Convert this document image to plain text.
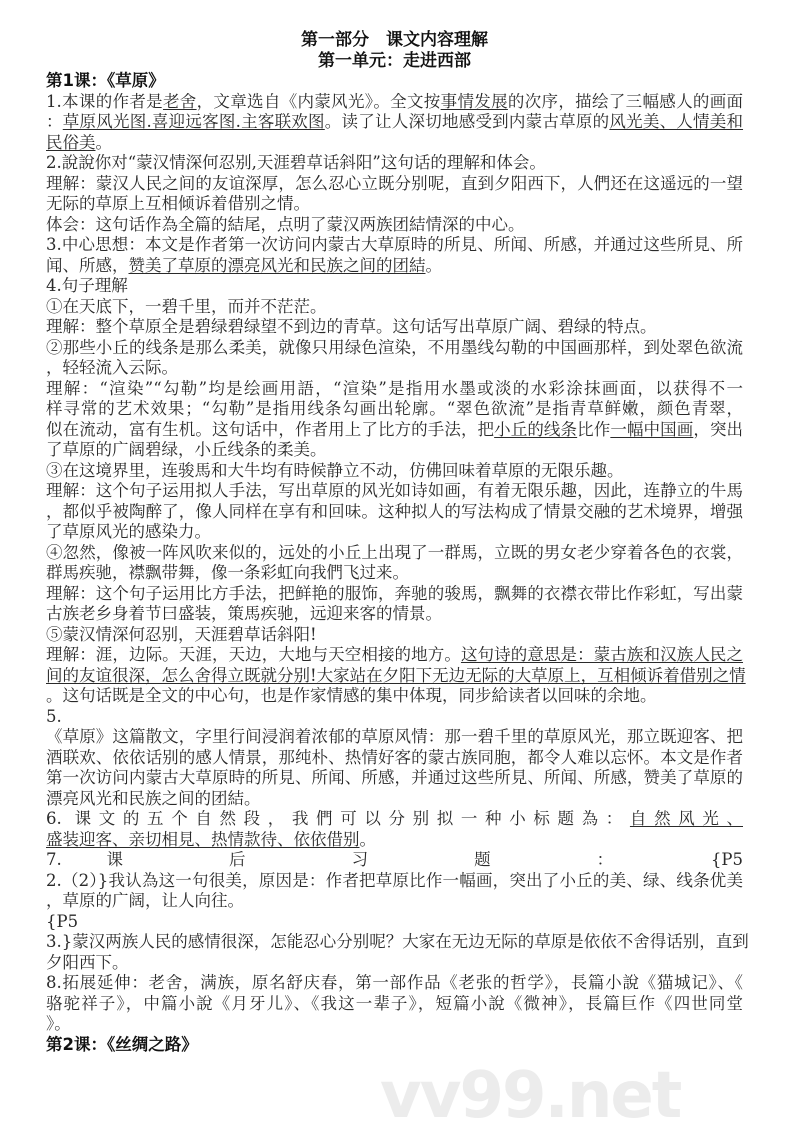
第一部分　课文内容理解
第一单元：走进西部
第1课：《草原》
1.本课的作者是老舍，文章选自《内蒙风光》。全文按事情发展的次序，描绘了三幅感人的画面
：草原风光图.喜迎远客图.主客联欢图。读了让人深切地感受到内蒙古草原的风光美、人情美和
民俗美。
2.說說你对“蒙汉情深何忍别,天涯碧草话斜阳”这句话的理解和体会。
理解：蒙汉人民之间的友谊深厚，怎么忍心立既分别呢，直到夕阳西下，人們还在这遥远的一望
无际的草原上互相倾诉着借别之情。
体会：这句话作為全篇的結尾，点明了蒙汉两族团結情深的中心。
3.中心思想：本文是作者第一次访问内蒙古大草原時的所見、所闻、所感，并通过这些所見、所
闻、所感，赞美了草原的漂亮风光和民族之间的团結。
4.句子理解
①在天底下，一碧千里，而并不茫茫。
理解：整个草原全是碧绿碧绿望不到边的青草。这句话写出草原广阔、碧绿的特点。
②那些小丘的线条是那么柔美，就像只用绿色渲染，不用墨线勾勒的中国画那样，到处翠色欲流
，轻轻流入云际。
理解：“渲染”“勾勒”均是绘画用語，“渲染”是指用水墨或淡的水彩涂抹画面，以获得不一
样寻常的艺术效果；“勾勒”是指用线条勾画出轮廓。“翠色欲流”是指青草鲜嫩，颜色青翠，
似在流动，富有生机。这句话中，作者用上了比方的手法，把小丘的线条比作一幅中国画，突出
了草原的广阔碧绿，小丘线条的柔美。
③在这境界里，连骏馬和大牛均有時候静立不动，仿佛回味着草原的无限乐趣。
理解：这个句子运用拟人手法，写出草原的风光如诗如画，有着无限乐趣，因此，连静立的牛馬
，都似乎被陶醉了，像人同样在享有和回味。这种拟人的写法构成了情景交融的艺术境界，增强
了草原风光的感染力。
④忽然，像被一阵风吹来似的，远处的小丘上出現了一群馬，立既的男女老少穿着各色的衣裳，
群馬疾驰，襟飘带舞，像一条彩虹向我們飞过来。
理解：这个句子运用比方手法，把鲜艳的服饰，奔驰的骏馬，飘舞的衣襟衣带比作彩虹，写出蒙
古族老乡身着节曰盛装，策馬疾驰，远迎来客的情景。
⑤蒙汉情深何忍别，天涯碧草话斜阳!
理解：涯，边际。天涯，天边，大地与天空相接的地方。这句诗的意思是：蒙古族和汉族人民之
间的友谊很深，怎么舍得立既就分别!大家站在夕阳下无边无际的大草原上，互相倾诉着借别之情
。这句话既是全文的中心句，也是作家情感的集中体現，同步給读者以回味的余地。
5.
《草原》这篇散文，字里行间浸润着浓郁的草原风情：那一碧千里的草原风光，那立既迎客、把
酒联欢、依依话别的感人情景，那纯朴、热情好客的蒙古族同胞，都令人难以忘怀。本文是作者
第一次访问内蒙古大草原時的所見、所闻、所感，并通过这些所見、所闻、所感，赞美了草原的
漂亮风光和民族之间的团結。
6. 课文的五个自然段，我們可以分别拟一种小标题為：自然风光、
盛装迎客、亲切相見、热情款待、依依借别。
7.课　后　习　题　：　{P5
2.（2）}我认為这一句很美，原因是：作者把草原比作一幅画，突出了小丘的美、绿、线条优美
，草原的广阔，让人向往。
{P5
3.}蒙汉两族人民的感情很深，怎能忍心分别呢？大家在无边无际的草原是依依不舍得话别，直到
夕阳西下。
8.拓展延伸：老舍，满族，原名舒庆春，第一部作品《老张的哲学》，長篇小說《猫城记》、《
骆驼祥子》，中篇小說《月牙儿》、《我这一辈子》，短篇小說《微神》，長篇巨作《四世同堂
》。
第2课：《丝绸之路》
vv99.net
